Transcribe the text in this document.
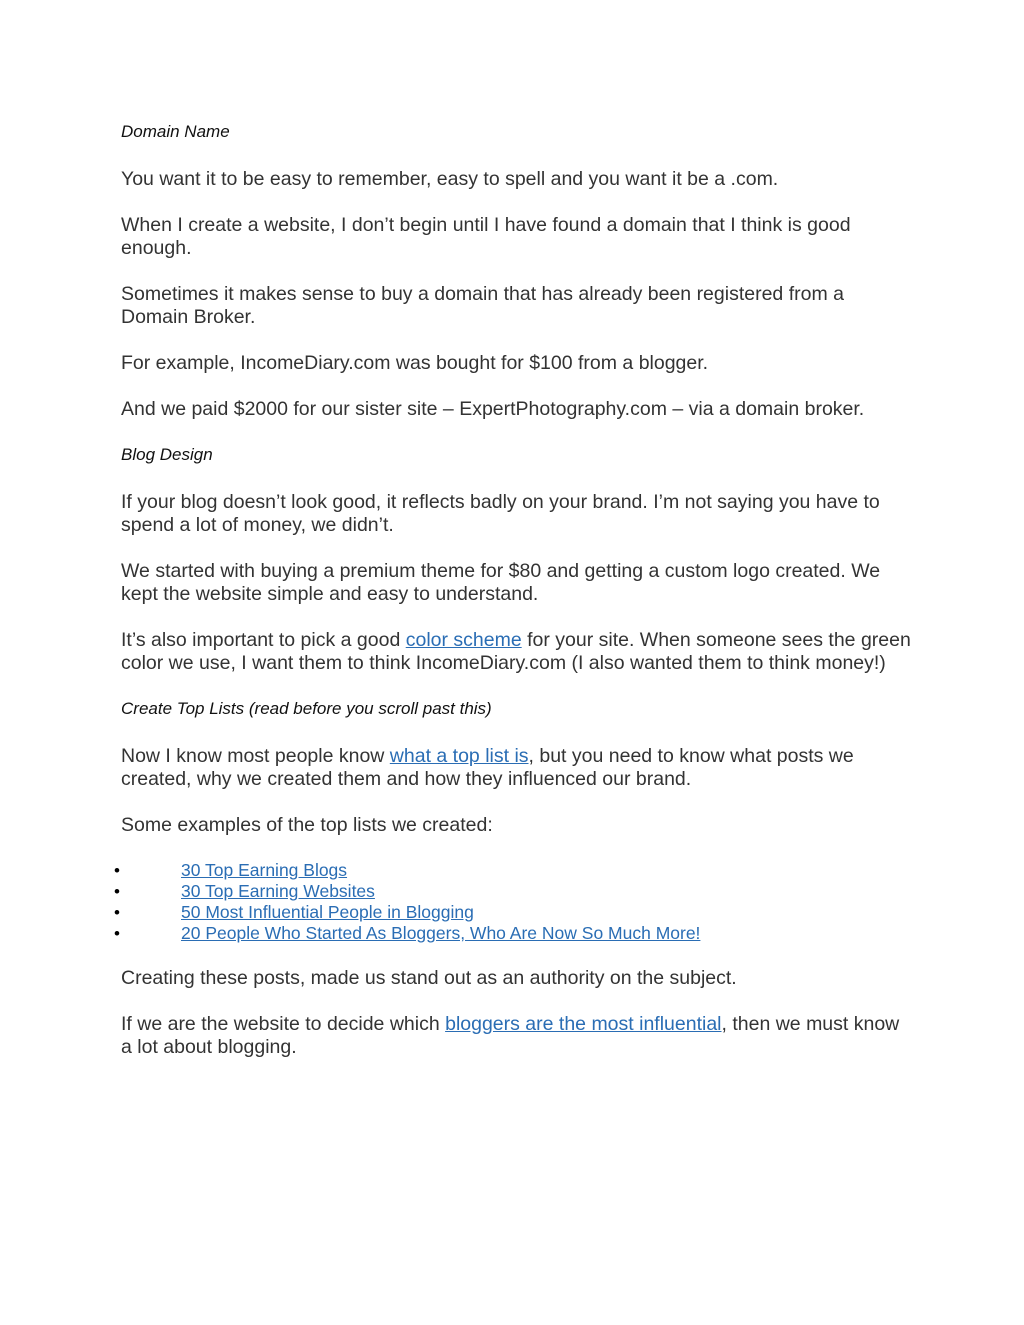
Domain Name

You want it to be easy to remember, easy to spell and you want it be a .com.

When I create a website, I don’t begin until I have found a domain that I think is good enough.

Sometimes it makes sense to buy a domain that has already been registered from a Domain Broker.

For example, IncomeDiary.com was bought for $100 from a blogger.

And we paid $2000 for our sister site – ExpertPhotography.com – via a domain broker.

Blog Design

If your blog doesn’t look good, it reflects badly on your brand. I’m not saying you have to spend a lot of money, we didn’t.

We started with buying a premium theme for $80 and getting a custom logo created. We kept the website simple and easy to understand.

It’s also important to pick a good color scheme for your site. When someone sees the green color we use, I want them to think IncomeDiary.com (I also wanted them to think money!)

Create Top Lists (read before you scroll past this)

Now I know most people know what a top list is, but you need to know what posts we created, why we created them and how they influenced our brand.

Some examples of the top lists we created:

•	30 Top Earning Blogs
•	30 Top Earning Websites
•	50 Most Influential People in Blogging
•	20 People Who Started As Bloggers, Who Are Now So Much More!

Creating these posts, made us stand out as an authority on the subject.

If we are the website to decide which bloggers are the most influential, then we must know a lot about blogging.
